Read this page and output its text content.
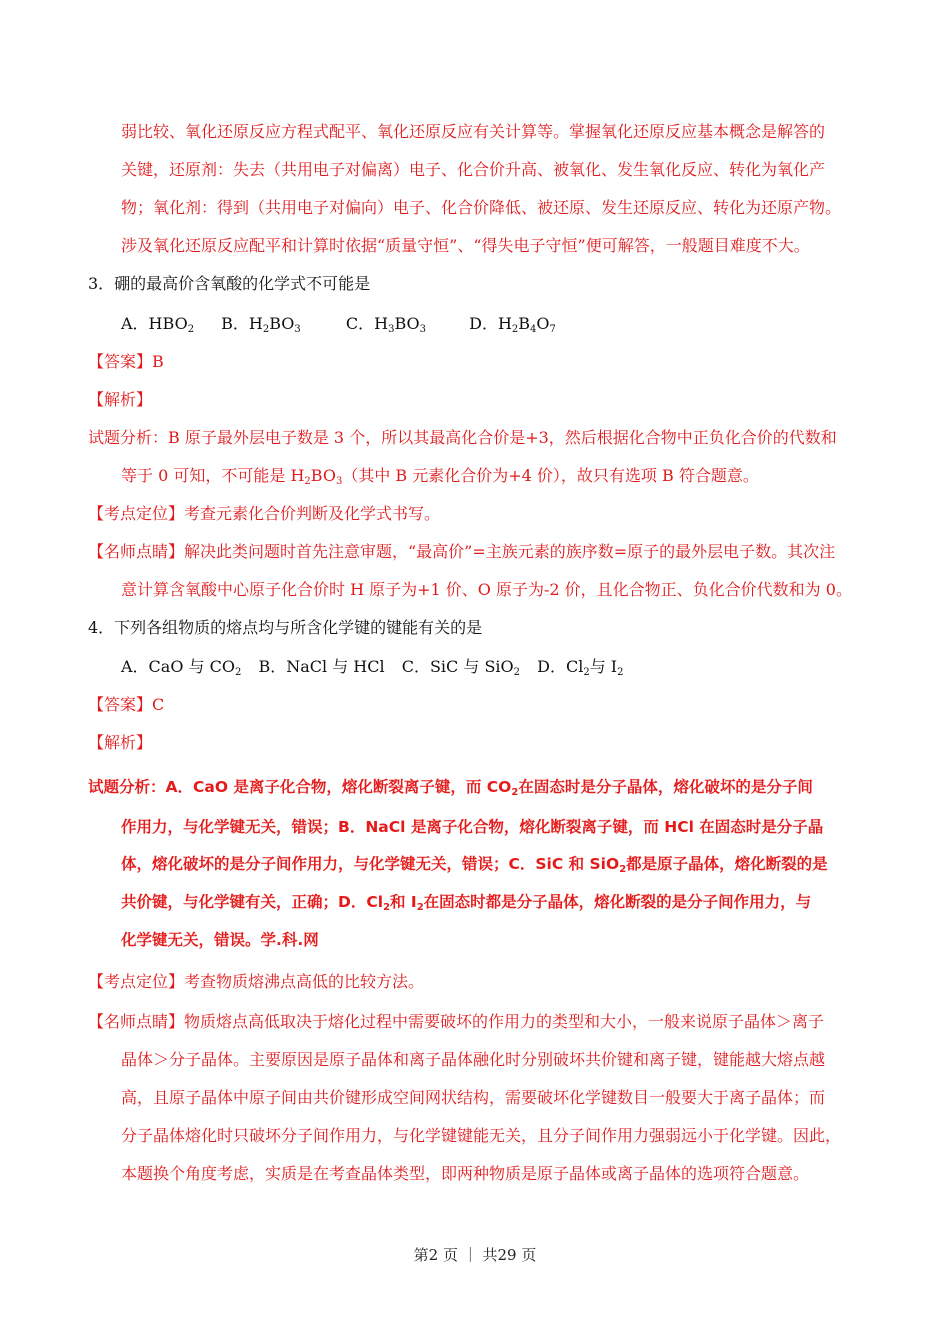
弱比较、氧化还原反应方程式配平、氧化还原反应有关计算等。掌握氧化还原反应基本概念是解答的
关键，还原剂：失去（共用电子对偏离）电子、化合价升高、被氧化、发生氧化反应、转化为氧化产
物；氧化剂：得到（共用电子对偏向）电子、化合价降低、被还原、发生还原反应、转化为还原产物。
涉及氧化还原反应配平和计算时依据“质量守恒”、“得失电子守恒”便可解答，一般题目难度不大。
3．硼的最高价含氧酸的化学式不可能是
A．$HBO_2$ B．$H_2BO_3$	C．$H_3BO_3$	D．$H_2B_4O_7$
【答案】B
【解析】
试题分析：B 原子最外层电子数是 3 个，所以其最高化合价是+3，然后根据化合物中正负化合价的代数和
等于 0 可知，不可能是 $H_2BO_3$（其中 B 元素化合价为+4 价），故只有选项 B 符合题意。
【考点定位】考查元素化合价判断及化学式书写。
【名师点睛】解决此类问题时首先注意审题，“最高价”=主族元素的族序数=原子的最外层电子数。其次注
意计算含氧酸中心原子化合价时 H 原子为+1 价、O 原子为-2 价，且化合物正、负化合价代数和为 0。
4．下列各组物质的熔点均与所含化学键的键能有关的是
A．CaO 与 $CO_2$ B．NaCl 与 HCl C．SiC 与 SiO$_2$ D．$Cl_2$与 $I_2$
【答案】C
【解析】
试题分析：A．CaO 是离子化合物，熔化断裂离子键，而 $CO_2$在固态时是分子晶体，熔化破坏的是分子间
作用力，与化学键无关，错误；B．NaCl 是离子化合物，熔化断裂离子键，而 HCl 在固态时是分子晶
体，熔化破坏的是分子间作用力，与化学键无关，错误；C．SiC 和 SiO$_2$都是原子晶体，熔化断裂的是
共价键，与化学键有关，正确；D．$Cl_2$和 $I_2$在固态时都是分子晶体，熔化断裂的是分子间作用力，与
化学键无关，错误。学.科.网
【考点定位】考查物质熔沸点高低的比较方法。
【名师点睛】物质熔点高低取决于熔化过程中需要破坏的作用力的类型和大小，一般来说原子晶体＞离子
晶体＞分子晶体。主要原因是原子晶体和离子晶体融化时分别破坏共价键和离子键，键能越大熔点越
高，且原子晶体中原子间由共价键形成空间网状结构，需要破坏化学键数目一般要大于离子晶体；而
分子晶体熔化时只破坏分子间作用力，与化学键键能无关，且分子间作用力强弱远小于化学键。因此，
本题换个角度考虑，实质是在考查晶体类型，即两种物质是原子晶体或离子晶体的选项符合题意。
第2 页 ｜ 共29 页
